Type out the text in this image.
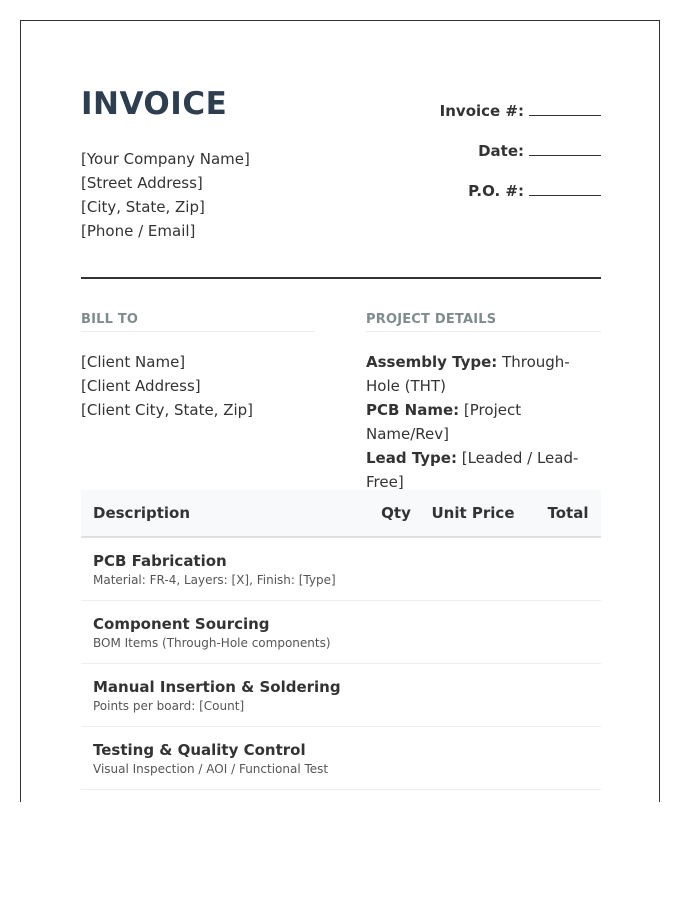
INVOICE
[Your Company Name]
[Street Address]
[City, State, Zip]
[Phone / Email]
Invoice #:
Date:
P.O. #:
BILL TO
[Client Name]
[Client Address]
[Client City, State, Zip]
PROJECT DETAILS
Assembly Type: Through-Hole (THT)
PCB Name: [Project Name/Rev]
Lead Type: [Leaded / Lead-Free]
Description	Qty	Unit Price	Total

PCB Fabrication
Material: FR-4, Layers: [X], Finish: [Type]			

Component Sourcing
BOM Items (Through-Hole components)			

Manual Insertion & Soldering
Points per board: [Count]			

Testing & Quality Control
Visual Inspection / AOI / Functional Test			
